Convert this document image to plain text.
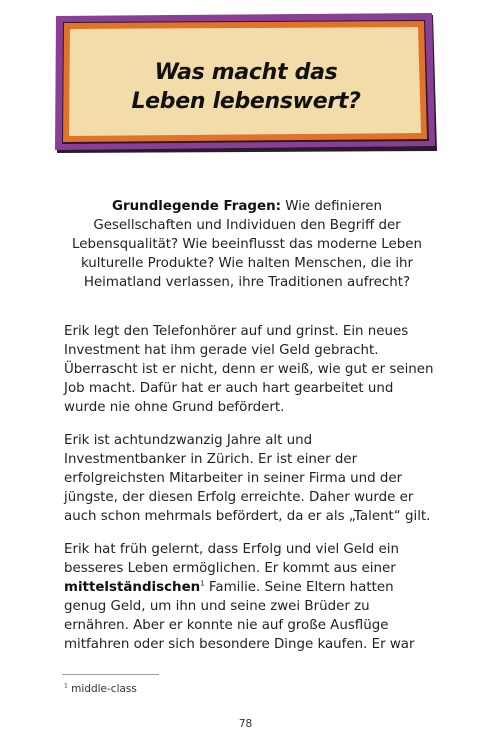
Was macht das
Leben lebenswert?
Grundlegende Fragen: Wie definieren Gesellschaften und Individuen den Begriff der Lebensqualität? Wie beeinflusst das moderne Leben kulturelle Produkte? Wie halten Menschen, die ihr Heimatland verlassen, ihre Traditionen aufrecht?
Erik legt den Telefonhörer auf und grinst. Ein neues Investment hat ihm gerade viel Geld gebracht. Überrascht ist er nicht, denn er weiß, wie gut er seinen Job macht. Dafür hat er auch hart gearbeitet und wurde nie ohne Grund befördert.
Erik ist achtundzwanzig Jahre alt und Investmentbanker in Zürich. Er ist einer der erfolgreichsten Mitarbeiter in seiner Firma und der jüngste, der diesen Erfolg erreichte. Daher wurde er auch schon mehrmals befördert, da er als „Talent“ gilt.
Erik hat früh gelernt, dass Erfolg und viel Geld ein besseres Leben ermöglichen. Er kommt aus einer mittelständischen$^1$ Familie. Seine Eltern hatten genug Geld, um ihn und seine zwei Brüder zu ernähren. Aber er konnte nie auf große Ausflüge mitfahren oder sich besondere Dinge kaufen. Er war
$^1$ middle-class
78
